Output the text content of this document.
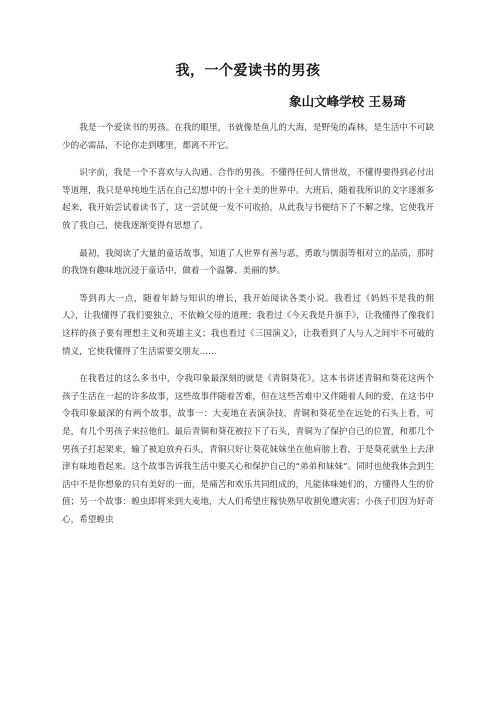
我，一个爱读书的男孩
象山文峰学校 王易琦

我是一个爱读书的男孩。在我的眼里，书就像是鱼儿的大海，是野兔的森林，是生活中不可缺少的必需品，不论你走到哪里，都离不开它。

识字前，我是一个不喜欢与人沟通、合作的男孩。不懂得任何人情世故，不懂得要得到必付出等道理，我只是单纯地生活在自己幻想中的十全十美的世界中。大班后，随着我所识的文字逐渐多起来，我开始尝试着读书了，这一尝试便一发不可收拾，从此我与书便结下了不解之缘，它使我开放了我自己，使我逐渐变得有思想了。

最初，我阅读了大量的童话故事，知道了人世界有善与恶，勇敢与懦弱等相对立的品质，那时的我饶有趣味地沉浸于童话中，做着一个温馨、美丽的梦。

等到再大一点，随着年龄与知识的增长，我开始阅读各类小说。我看过《妈妈不是我的佣人》，让我懂得了我们要独立，不依赖父母的道理；我看过《今天我是升旗手》，让我懂得了像我们这样的孩子要有理想主义和英雄主义；我也看过《三国演义》，让我看到了人与人之间牢不可破的情义，它使我懂得了生活需要交朋友……

在我看过的这么多书中，令我印象最深刻的就是《青铜葵花》。这本书讲述青铜和葵花这两个孩子生活在一起的许多故事，这些故事伴随着苦难，但在这些苦难中又伴随着人间的爱，在这书中令我印象最深的有两个故事，故事一：大麦地在表演杂技，青铜和葵花坐在远处的石头上看，可是，有几个男孩子来拉他们。最后青铜和葵花被拉下了石头，青铜为了保护自己的位置，和那几个男孩子打起架来，输了被迫放弃石头，青铜只好让葵花妹妹坐在他肩膀上看，于是葵花就坐上去津津有味地看起来。这个故事告诉我生活中要关心和保护自己的“弟弟和妹妹”。同时也使我体会到生活中不是你想象的只有美好的一面，是痛苦和欢乐共同组成的，凡能体味她们的，方懂得人生的价值；另一个故事：蝗虫即将来到大麦地，大人们希望庄稼快熟早收割免遭灾害；小孩子们因为好奇心，希望蝗虫
